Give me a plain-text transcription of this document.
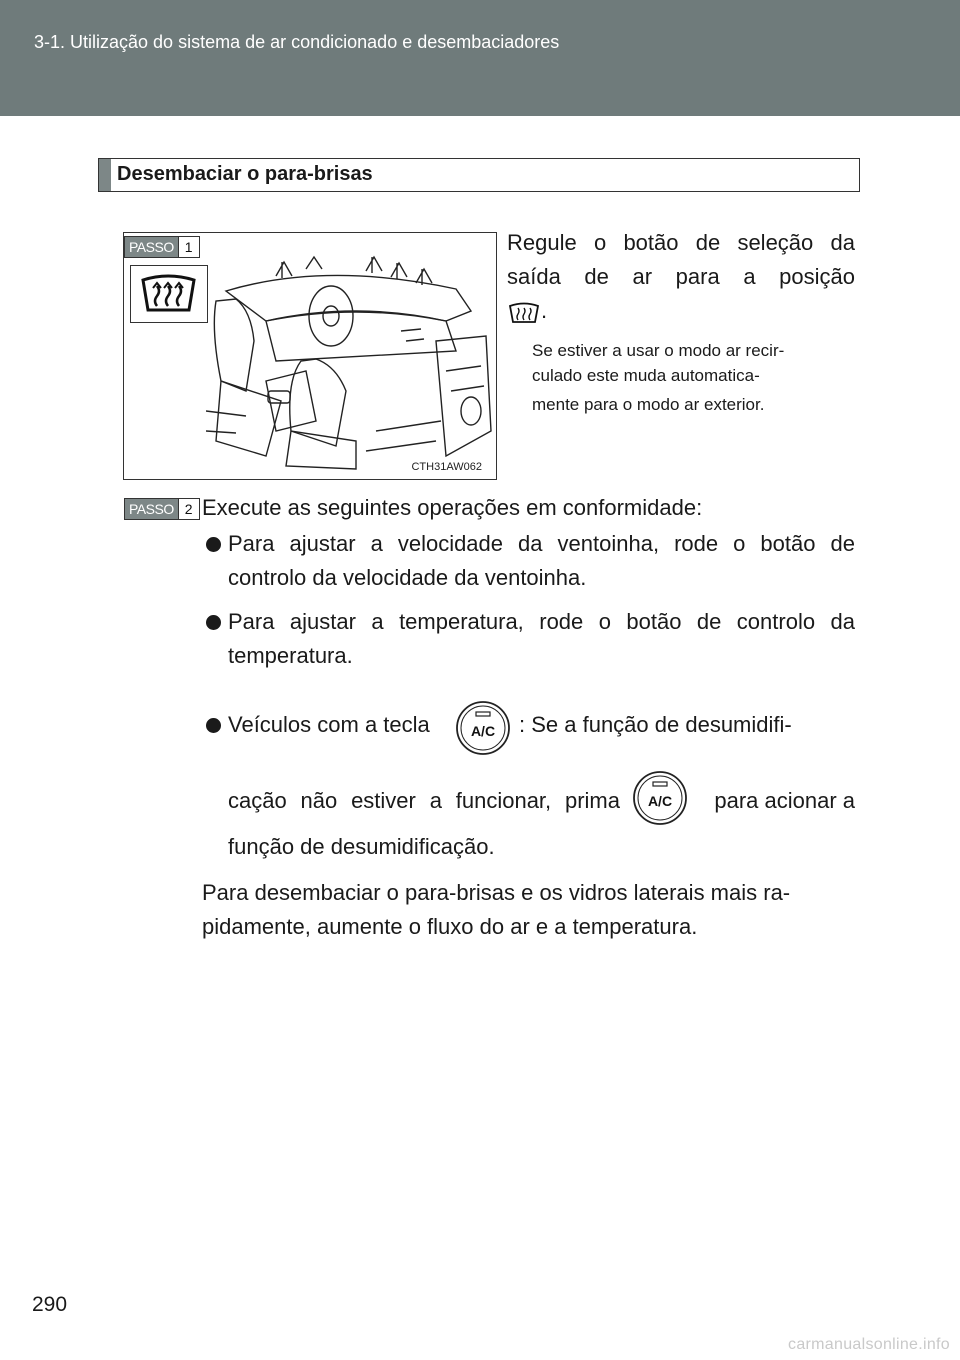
3-1. Utilização do sistema de ar condicionado e desembaciadores
Desembaciar o para-brisas
CTH31AW062
PASSO 1	Regule o botão de seleção da
saída de ar para a posição
.
Se estiver a usar o modo ar recir-
culado este muda automatica-
mente para o modo ar exterior.
PASSO 2 Execute as seguintes operações em conformidade:
Para ajustar a velocidade da ventoinha, rode o botão de
controlo da velocidade da ventoinha.
Para ajustar a temperatura, rode o botão de controlo da
temperatura.
Veículos com a tecla	A/C : Se a função de desumidifi-
cação não estiver a funcionar, prima A/C	para acionar a
função de desumidificação.
Para desembaciar o para-brisas e os vidros laterais mais ra-
pidamente, aumente o fluxo do ar e a temperatura.
290
carmanualsonline.info
